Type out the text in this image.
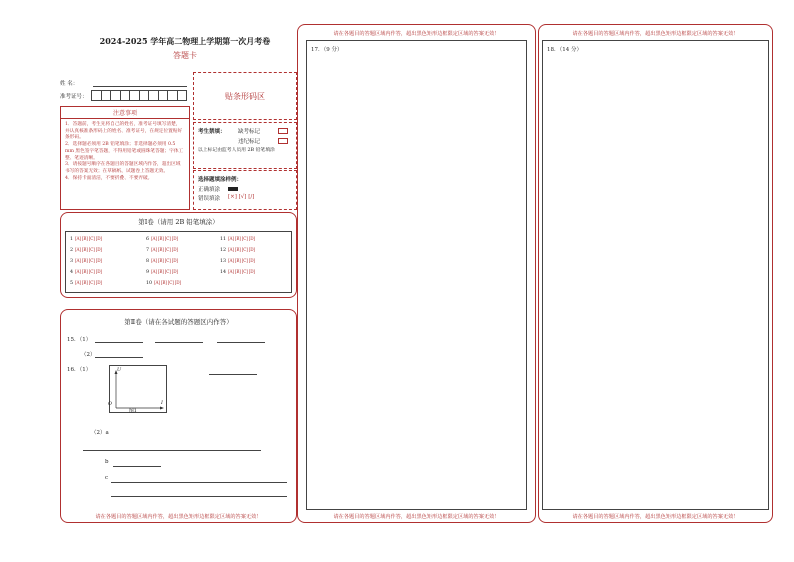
2024-2025 学年高二物理上学期第一次月考卷
答题卡
姓 名：
准考证号：	贴条形码区
注意事项
1．答题前，考生先将自己的姓名，准考证号填写清楚，并认真核准条形码上的姓名、准考证号，在规定位置贴好条形码。
2．选择题必须用 2B 铅笔填涂；非选择题必须用 0.5 mm 黑色签字笔答题，不得用铅笔或圆珠笔答题；字体工整、笔迹清晰。
3．请按题号顺序在各题目的答题区域内作答，超出区域书写的答案无效；在草稿纸、试题卷上答题无效。
4．保持卡面清洁，不要折叠、不要弄破。
考生禁填： 缺考标记
违纪标记
以上标记由监考人员用 2B 铅笔填涂
选择题填涂样例：
正确填涂
错误填涂 [×] [√] [/]
第Ⅰ卷（请用 2B 铅笔填涂）
1 [A] [B] [C] [D]
2 [A] [B] [C] [D]
3 [A] [B] [C] [D]
4 [A] [B] [C] [D]
5 [A] [B] [C] [D]
6 [A] [B] [C] [D]
7 [A] [B] [C] [D]
8 [A] [B] [C] [D]
9 [A] [B] [C] [D]
10 [A] [B] [C] [D]
11 [A] [B] [C] [D]
12 [A] [B] [C] [D]
13 [A] [B] [C] [D]
14 [A] [B] [C] [D]
第Ⅱ卷（请在各试题的答题区内作答）
15．（1）
（2）
16．（1）	U
I
O
图1
（2）a
b
c
请在各题目的答题区域内作答，超出黑色矩形边框限定区域的答案无效！
请在各题目的答题区域内作答，超出黑色矩形边框限定区域的答案无效！
17．（9 分）
请在各题目的答题区域内作答，超出黑色矩形边框限定区域的答案无效！
请在各题目的答题区域内作答，超出黑色矩形边框限定区域的答案无效！
18．（14 分）
请在各题目的答题区域内作答，超出黑色矩形边框限定区域的答案无效！
